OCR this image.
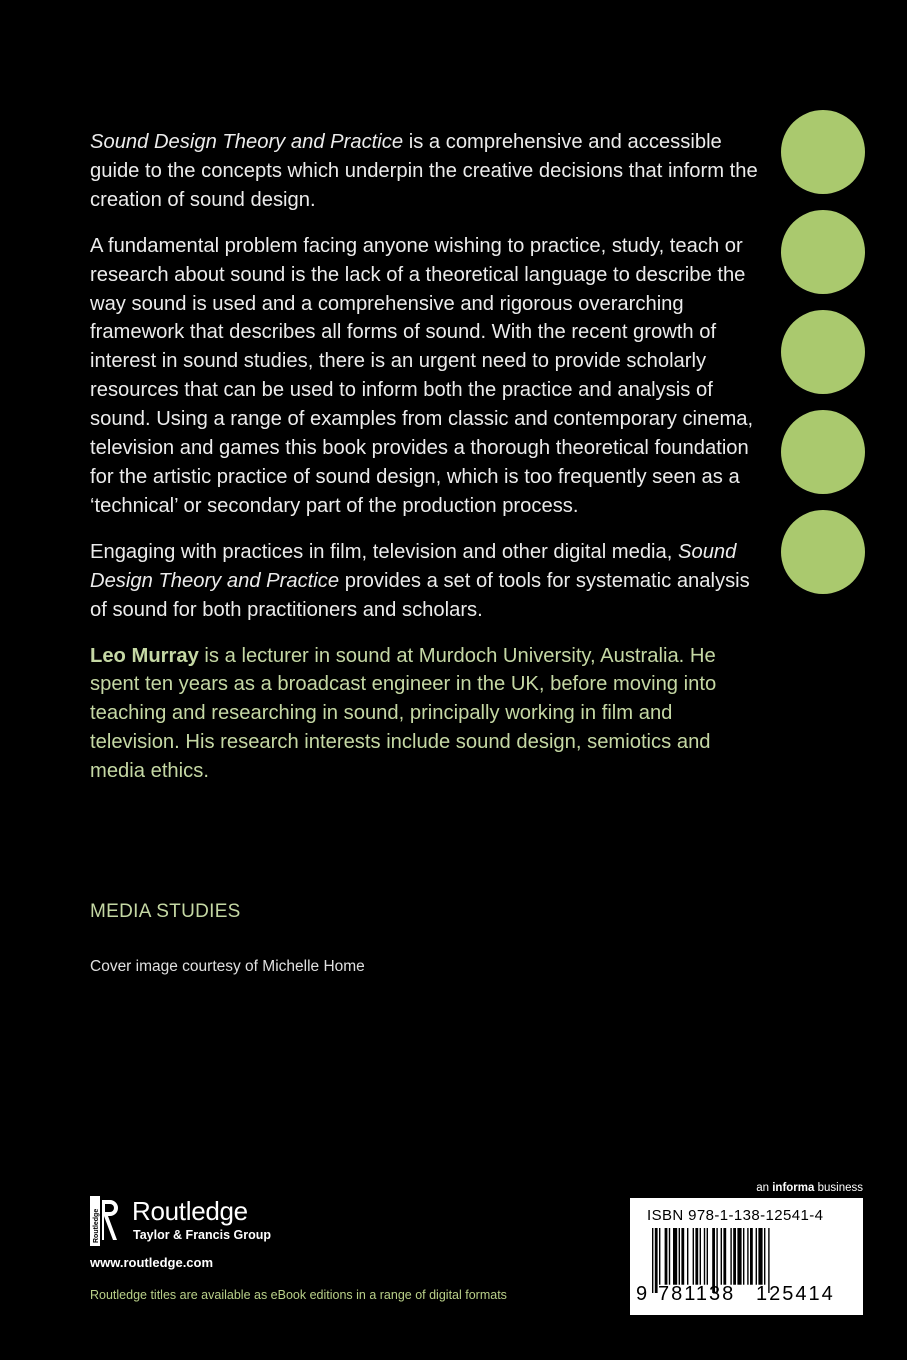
Sound Design Theory and Practice is a comprehensive and accessible guide to the concepts which underpin the creative decisions that inform the creation of sound design.

A fundamental problem facing anyone wishing to practice, study, teach or research about sound is the lack of a theoretical language to describe the way sound is used and a comprehensive and rigorous overarching framework that describes all forms of sound. With the recent growth of interest in sound studies, there is an urgent need to provide scholarly resources that can be used to inform both the practice and analysis of sound. Using a range of examples from classic and contemporary cinema, television and games this book provides a thorough theoretical foundation for the artistic practice of sound design, which is too frequently seen as a ‘technical’ or secondary part of the production process.

Engaging with practices in film, television and other digital media, Sound Design Theory and Practice provides a set of tools for systematic analysis of sound for both practitioners and scholars.

Leo Murray is a lecturer in sound at Murdoch University, Australia. He spent ten years as a broadcast engineer in the UK, before moving into teaching and researching in sound, principally working in film and television. His research interests include sound design, semiotics and media ethics.

MEDIA STUDIES
Cover image courtesy of Michelle Home
Routledge Routledge
Taylor & Francis Group
www.routledge.com
Routledge titles are available as eBook editions in a range of digital formats
an informa business
ISBN 978-1-138-12541-4
9 781138	125414
